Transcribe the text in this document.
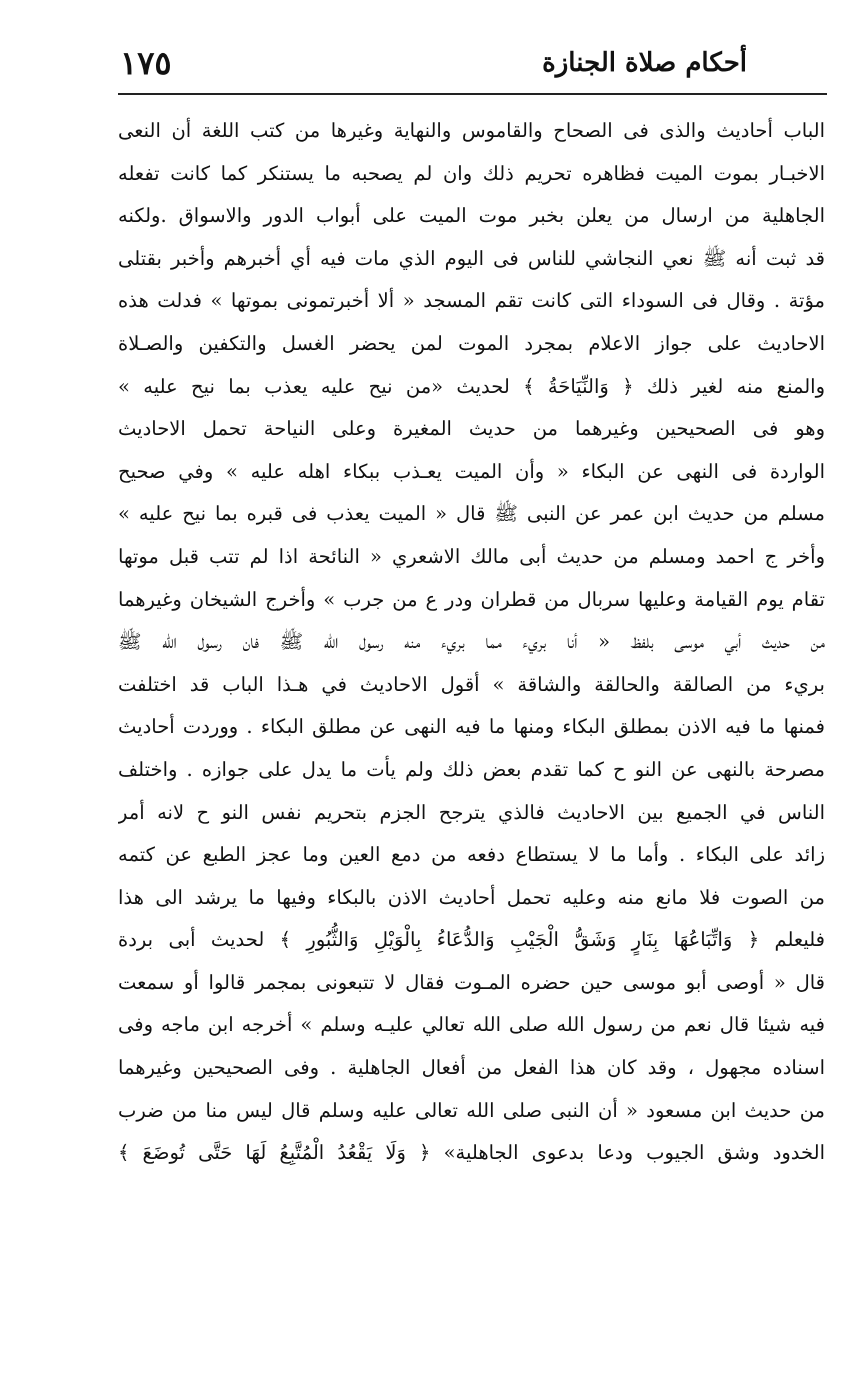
أحكام صلاة الجنازة
١٧٥
الباب أحاديث والذى فى الصحاح والقاموس والنهاية وغيرها من كتب اللغة أن النعى
الاخبـار بموت الميت فظاهره تحريم ذلك وان لم يصحبه ما يستنكر كما كانت تفعله
الجاهلية من ارسال من يعلن بخبر موت الميت على أبواب الدور والاسواق .ولكنه
قد ثبت أنه ﷺ نعي النجاشي للناس فى اليوم الذي مات فيه أي أخبرهم وأخبر بقتلى
مؤتة . وقال فى السوداء التى كانت تقم المسجد « ألا أخبرتمونى بموتها » فدلت هذه
الاحاديث على جواز الاعلام بمجرد الموت لمن يحضر الغسل والتكفين والصـلاة
والمنع منه لغير ذلك ﴿ وَالنِّيَاحَةُ ﴾ لحديث «من نيح عليه يعذب بما نيح عليه »
وهو فى الصحيحين وغيرهما من حديث المغيرة وعلى النياحة تحمل الاحاديث
الواردة فى النهى عن البكاء « وأن الميت يعـذب ببكاء اهله عليه » وفي صحيح
مسلم من حديث ابن عمر عن النبى ﷺ قال « الميت يعذب فى قبره بما نيح عليه »
وأخر ج احمد ومسلم من حديث أبى مالك الاشعري « النائحة اذا لم تتب قبل موتها
تقام يوم القيامة وعليها سربال من قطران ودر ع من جرب » وأخرج الشيخان وغيرهما
من حديث أبي موسى بلفظ « أنا بريء مما بريء منه رسول الله ﷺ فان رسول الله ﷺ
بريء من الصالقة والحالقة والشاقة » أقول الاحاديث في هـذا الباب قد اختلفت
فمنها ما فيه الاذن بمطلق البكاء ومنها ما فيه النهى عن مطلق البكاء . ووردت أحاديث
مصرحة بالنهى عن النو ح كما تقدم بعض ذلك ولم يأت ما يدل على جوازه . واختلف
الناس في الجميع بين الاحاديث فالذي يترجح الجزم بتحريم نفس النو ح لانه أمر
زائد على البكاء . وأما ما لا يستطاع دفعه من دمع العين وما عجز الطبع عن كتمه
من الصوت فلا مانع منه وعليه تحمل أحاديث الاذن بالبكاء وفيها ما يرشد الى هذا
فليعلم ﴿ وَاتِّبَاعُهَا بِنَارٍ وَشَقُّ الْجَيْبِ وَالدُّعَاءُ بِالْوَيْلِ وَالثُّبُورِ ﴾ لحديث أبى بردة
قال « أوصى أبو موسى حين حضره المـوت فقال لا تتبعونى بمجمر قالوا أو سمعت
فيه شيئا قال نعم من رسول الله صلى الله تعالي عليـه وسلم » أخرجه ابن ماجه وفى
اسناده مجهول ، وقد كان هذا الفعل من أفعال الجاهلية . وفى الصحيحين وغيرهما
من حديث ابن مسعود « أن النبى صلى الله تعالى عليه وسلم قال ليس منا من ضرب
الخدود وشق الجيوب ودعا بدعوى الجاهلية» ﴿ وَلَا يَقْعُدُ الْمُتَّبِعُ لَهَا حَتَّى تُوضَعَ ﴾
